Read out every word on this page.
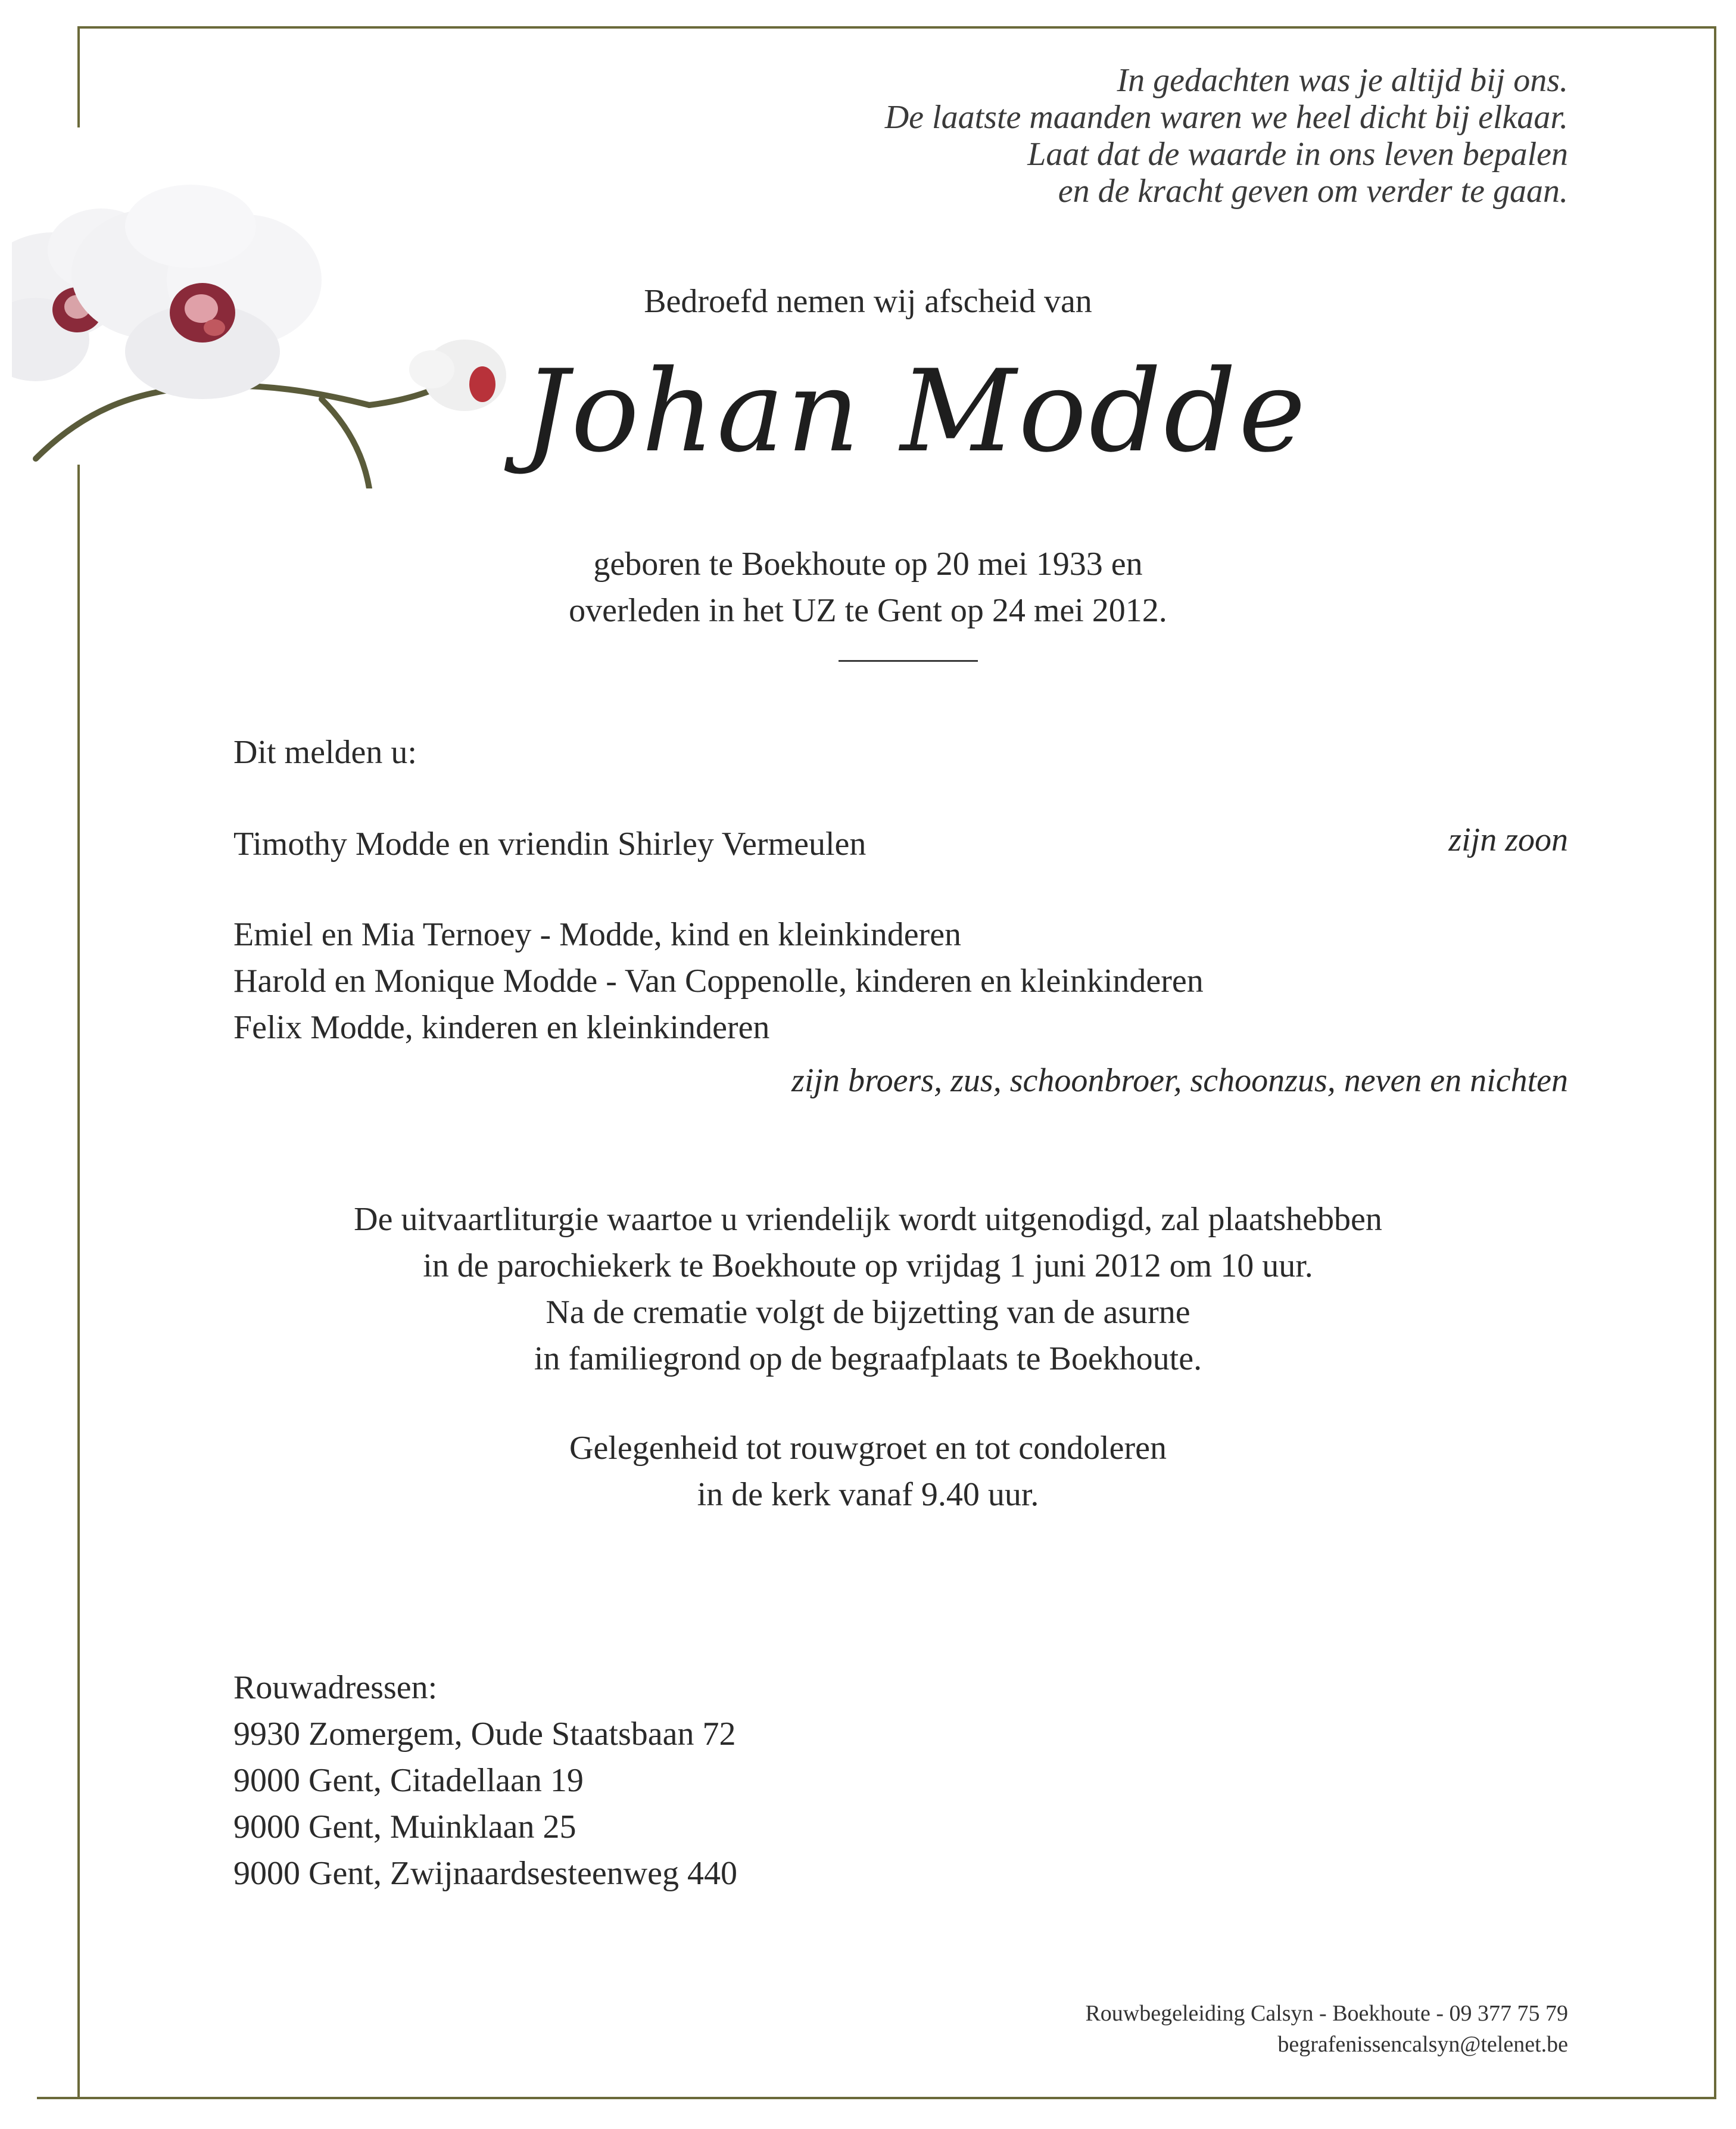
In gedachten was je altijd bij ons.
De laatste maanden waren we heel dicht bij elkaar.
Laat dat de waarde in ons leven bepalen
en de kracht geven om verder te gaan.
Bedroefd nemen wij afscheid van
Johan Modde
geboren te Boekhoute op 20 mei 1933 en
overleden in het UZ te Gent op 24 mei 2012.
Dit melden u:
Timothy Modde en vriendin Shirley Vermeulen	zijn zoon
Emiel en Mia Ternoey - Modde, kind en kleinkinderen
Harold en Monique Modde - Van Coppenolle, kinderen en kleinkinderen
Felix Modde, kinderen en kleinkinderen
zijn broers, zus, schoonbroer, schoonzus, neven en nichten
De uitvaartliturgie waartoe u vriendelijk wordt uitgenodigd, zal plaatshebben
in de parochiekerk te Boekhoute op vrijdag 1 juni 2012 om 10 uur.
Na de crematie volgt de bijzetting van de asurne
in familiegrond op de begraafplaats te Boekhoute.
Gelegenheid tot rouwgroet en tot condoleren
in de kerk vanaf 9.40 uur.
Rouwadressen:
9930 Zomergem, Oude Staatsbaan 72
9000 Gent, Citadellaan 19
9000 Gent, Muinklaan 25
9000 Gent, Zwijnaardsesteenweg 440
Rouwbegeleiding Calsyn - Boekhoute - 09 377 75 79
begrafenissencalsyn@telenet.be
